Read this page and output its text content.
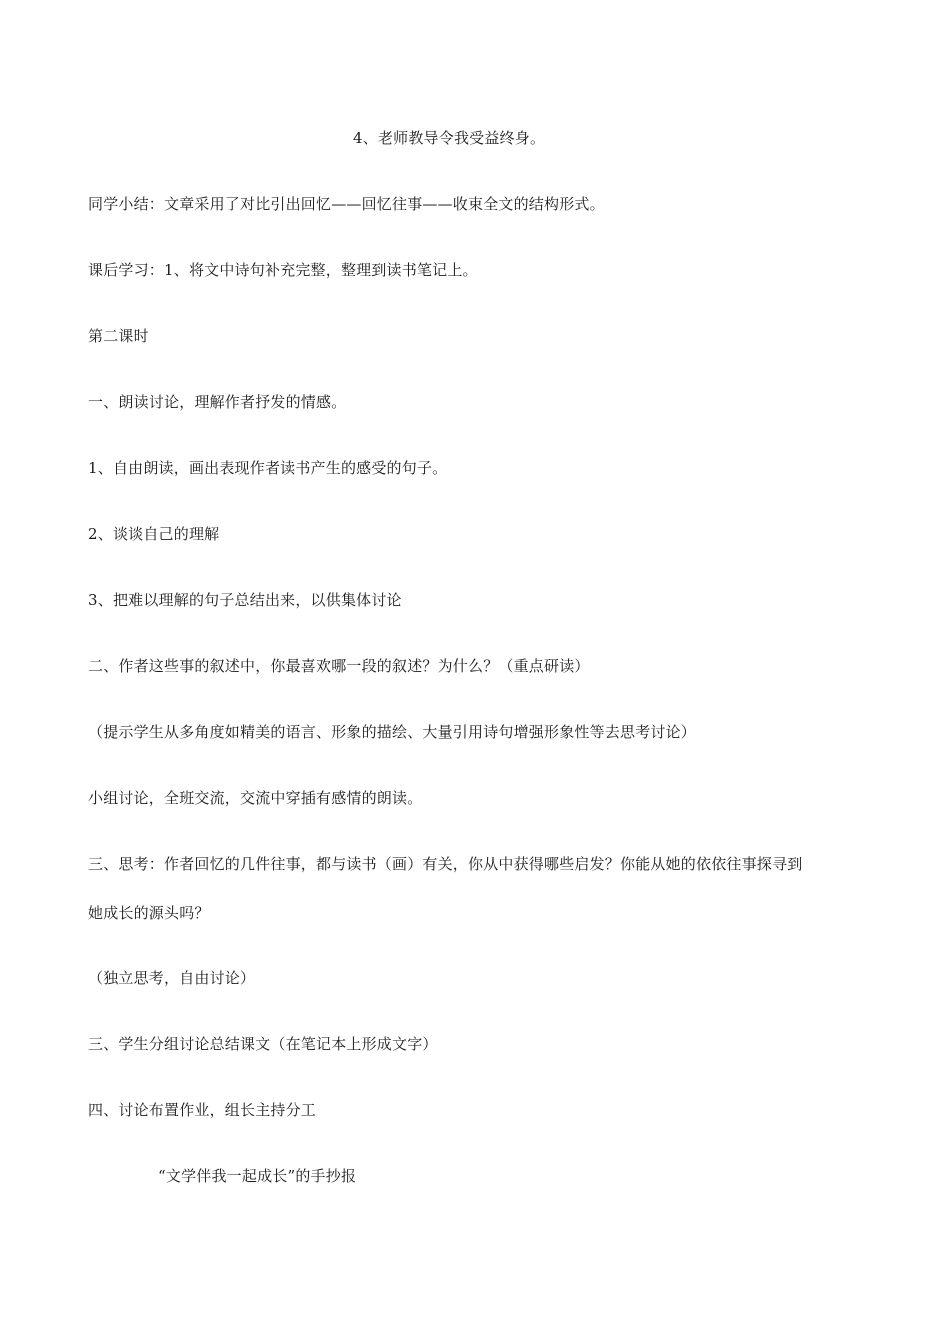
4、老师教导令我受益终身。
同学小结：文章采用了对比引出回忆——回忆往事——收束全文的结构形式。
课后学习：1、将文中诗句补充完整，整理到读书笔记上。
第二课时
一、朗读讨论，理解作者抒发的情感。
1、自由朗读，画出表现作者读书产生的感受的句子。
2、谈谈自己的理解
3、把难以理解的句子总结出来，以供集体讨论
二、作者这些事的叙述中，你最喜欢哪一段的叙述？为什么？（重点研读）
（提示学生从多角度如精美的语言、形象的描绘、大量引用诗句增强形象性等去思考讨论）
小组讨论，全班交流，交流中穿插有感情的朗读。
三、思考：作者回忆的几件往事，都与读书（画）有关，你从中获得哪些启发？你能从她的依依往事探寻到
她成长的源头吗？
（独立思考，自由讨论）
三、学生分组讨论总结课文（在笔记本上形成文字）
四、讨论布置作业，组长主持分工
“文学伴我一起成长”的手抄报
